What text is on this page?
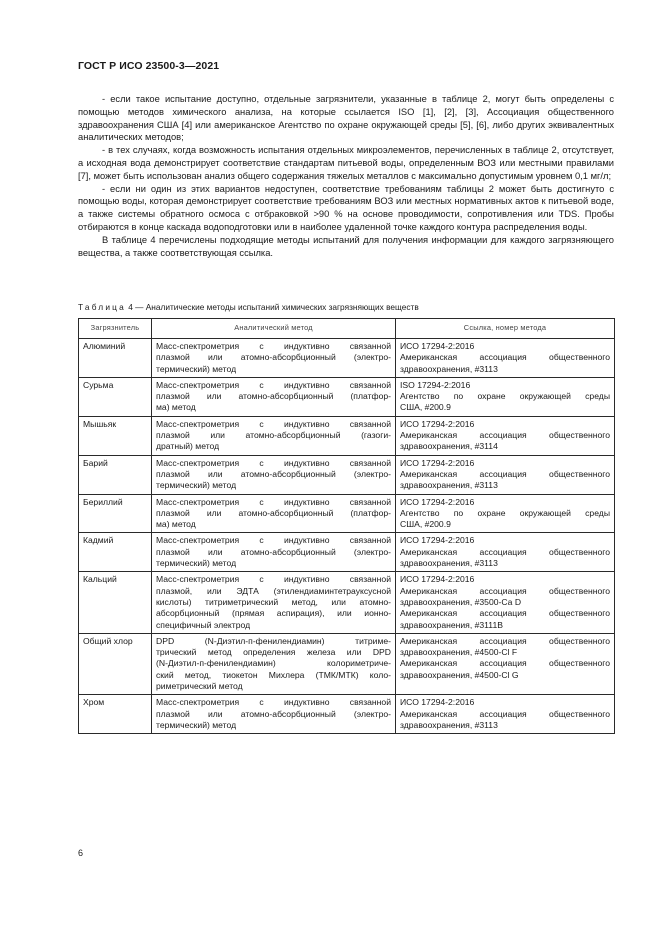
ГОСТ Р ИСО 23500-3—2021

- если такое испытание доступно, отдельные загрязнители, указанные в таблице 2, могут быть определены с помощью методов химического анализа, на которые ссылается ISO [1], [2], [3], Ассоциация общественного здравоохранения США [4] или американское Агентство по охране окружающей среды [5], [6], либо других эквивалентных аналитических методов;

- в тех случаях, когда возможность испытания отдельных микроэлементов, перечисленных в таблице 2, отсутствует, а исходная вода демонстрирует соответствие стандартам питьевой воды, определенным ВОЗ или местными правилами [7], может быть использован анализ общего содержания тяжелых металлов с максимально допустимым уровнем 0,1 мг/л;

- если ни один из этих вариантов недоступен, соответствие требованиям таблицы 2 может быть достигнуто с помощью воды, которая демонстрирует соответствие требованиям ВОЗ или местных нормативных актов к питьевой воде, а также системы обратного осмоса с отбраковкой >90 % на основе проводимости, сопротивления или TDS. Пробы отбираются в конце каскада водоподготовки или в наиболее удаленной точке каждого контура распределения воды.

В таблице 4 перечислены подходящие методы испытаний для получения информации для каждого загрязняющего вещества, а также соответствующая ссылка.

Таблица 4 — Аналитические методы испытаний химических загрязняющих веществ
Загрязнитель	Аналитический метод	Ссылка, номер метода
Алюминий	Масс-спектрометрия с индуктивно связанной
плазмой или атомно-абсорбционный (электро-
термический) метод	ИСО 17294-2:2016
Американская ассоциация общественного
здравоохранения, #3113

Сурьма	Масс-спектрометрия с индуктивно связанной
плазмой или атомно-абсорбционный (платфор-
ма) метод	ISO 17294-2:2016
Агентство по охране окружающей среды
США, #200.9

Мышьяк	Масс-спектрометрия с индуктивно связанной
плазмой или атомно-абсорбционный (газоги-
дратный) метод	ИСО 17294-2:2016
Американская ассоциация общественного
здравоохранения, #3114

Барий	Масс-спектрометрия с индуктивно связанной
плазмой или атомно-абсорбционный (электро-
термический) метод	ИСО 17294-2:2016
Американская ассоциация общественного
здравоохранения, #3113

Бериллий	Масс-спектрометрия с индуктивно связанной
плазмой или атомно-абсорбционный (платфор-
ма) метод	ИСО 17294-2:2016
Агентство по охране окружающей среды
США, #200.9

Кадмий	Масс-спектрометрия с индуктивно связанной
плазмой или атомно-абсорбционный (электро-
термический) метод	ИСО 17294-2:2016
Американская ассоциация общественного
здравоохранения, #3113

Кальций	Масс-спектрометрия с индуктивно связанной
плазмой, или ЭДТА (этилендиаминтетрауксусной
кислоты) титриметрический метод, или атомно-
абсорбционный (прямая аспирация), или ионно-
специфичный электрод	ИСО 17294-2:2016
Американская ассоциация общественного
здравоохранения, #3500-Са D
Американская ассоциация общественного
здравоохранения, #3111B

Общий хлор	DPD (N-Диэтил-п-фенилендиамин) титриме-
трический метод определения железа или DPD
(N-Диэтил-п-фенилендиамин) колориметриче-
ский метод, тиокетон Михлера (ТМК/МТК) коло-
риметрический метод	Американская ассоциация общественного
здравоохранения, #4500-Cl F
Американская ассоциация общественного
здравоохранения, #4500-Cl G

Хром	Масс-спектрометрия с индуктивно связанной
плазмой или атомно-абсорбционный (электро-
термический) метод	ИСО 17294-2:2016
Американская ассоциация общественного
здравоохранения, #3113
6
